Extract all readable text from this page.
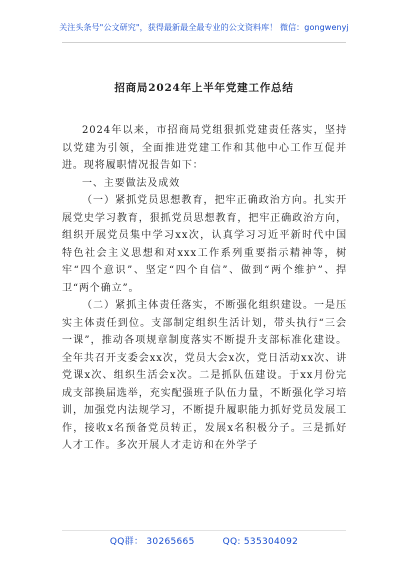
关注头条号"公文研究"，获得最新最全最专业的公文资料库！ 微信：gongwenyj
招商局2024年上半年党建工作总结

2024年以来，市招商局党组狠抓党建责任落实，坚持以党建为引领，全面推进党建工作和其他中心工作互促并进。现将履职情况报告如下：

一、主要做法及成效

（一）紧抓党员思想教育，把牢正确政治方向。扎实开展党史学习教育，狠抓党员思想教育，把牢正确政治方向，组织开展党员集中学习xx次，认真学习习近平新时代中国特色社会主义思想和对xxx工作系列重要指示精神等，树牢“四个意识”、坚定“四个自信”、做到“两个维护”、捍卫“两个确立”。

（二）紧抓主体责任落实，不断强化组织建设。一是压实主体责任到位。支部制定组织生活计划，带头执行“三会一课”，推动各项规章制度落实不断提升支部标准化建设。全年共召开支委会xx次，党员大会x次，党日活动xx次、讲党课x次、组织生活会x次。二是抓队伍建设。于xx月份完成支部换届选举，充实配强班子队伍力量，不断强化学习培训，加强党内法规学习，不断提升履职能力抓好党员发展工作，接收x名预备党员转正，发展x名积极分子。三是抓好人才工作。多次开展人才走访和在外学子

QQ群： 30265665	QQ: 535304092
